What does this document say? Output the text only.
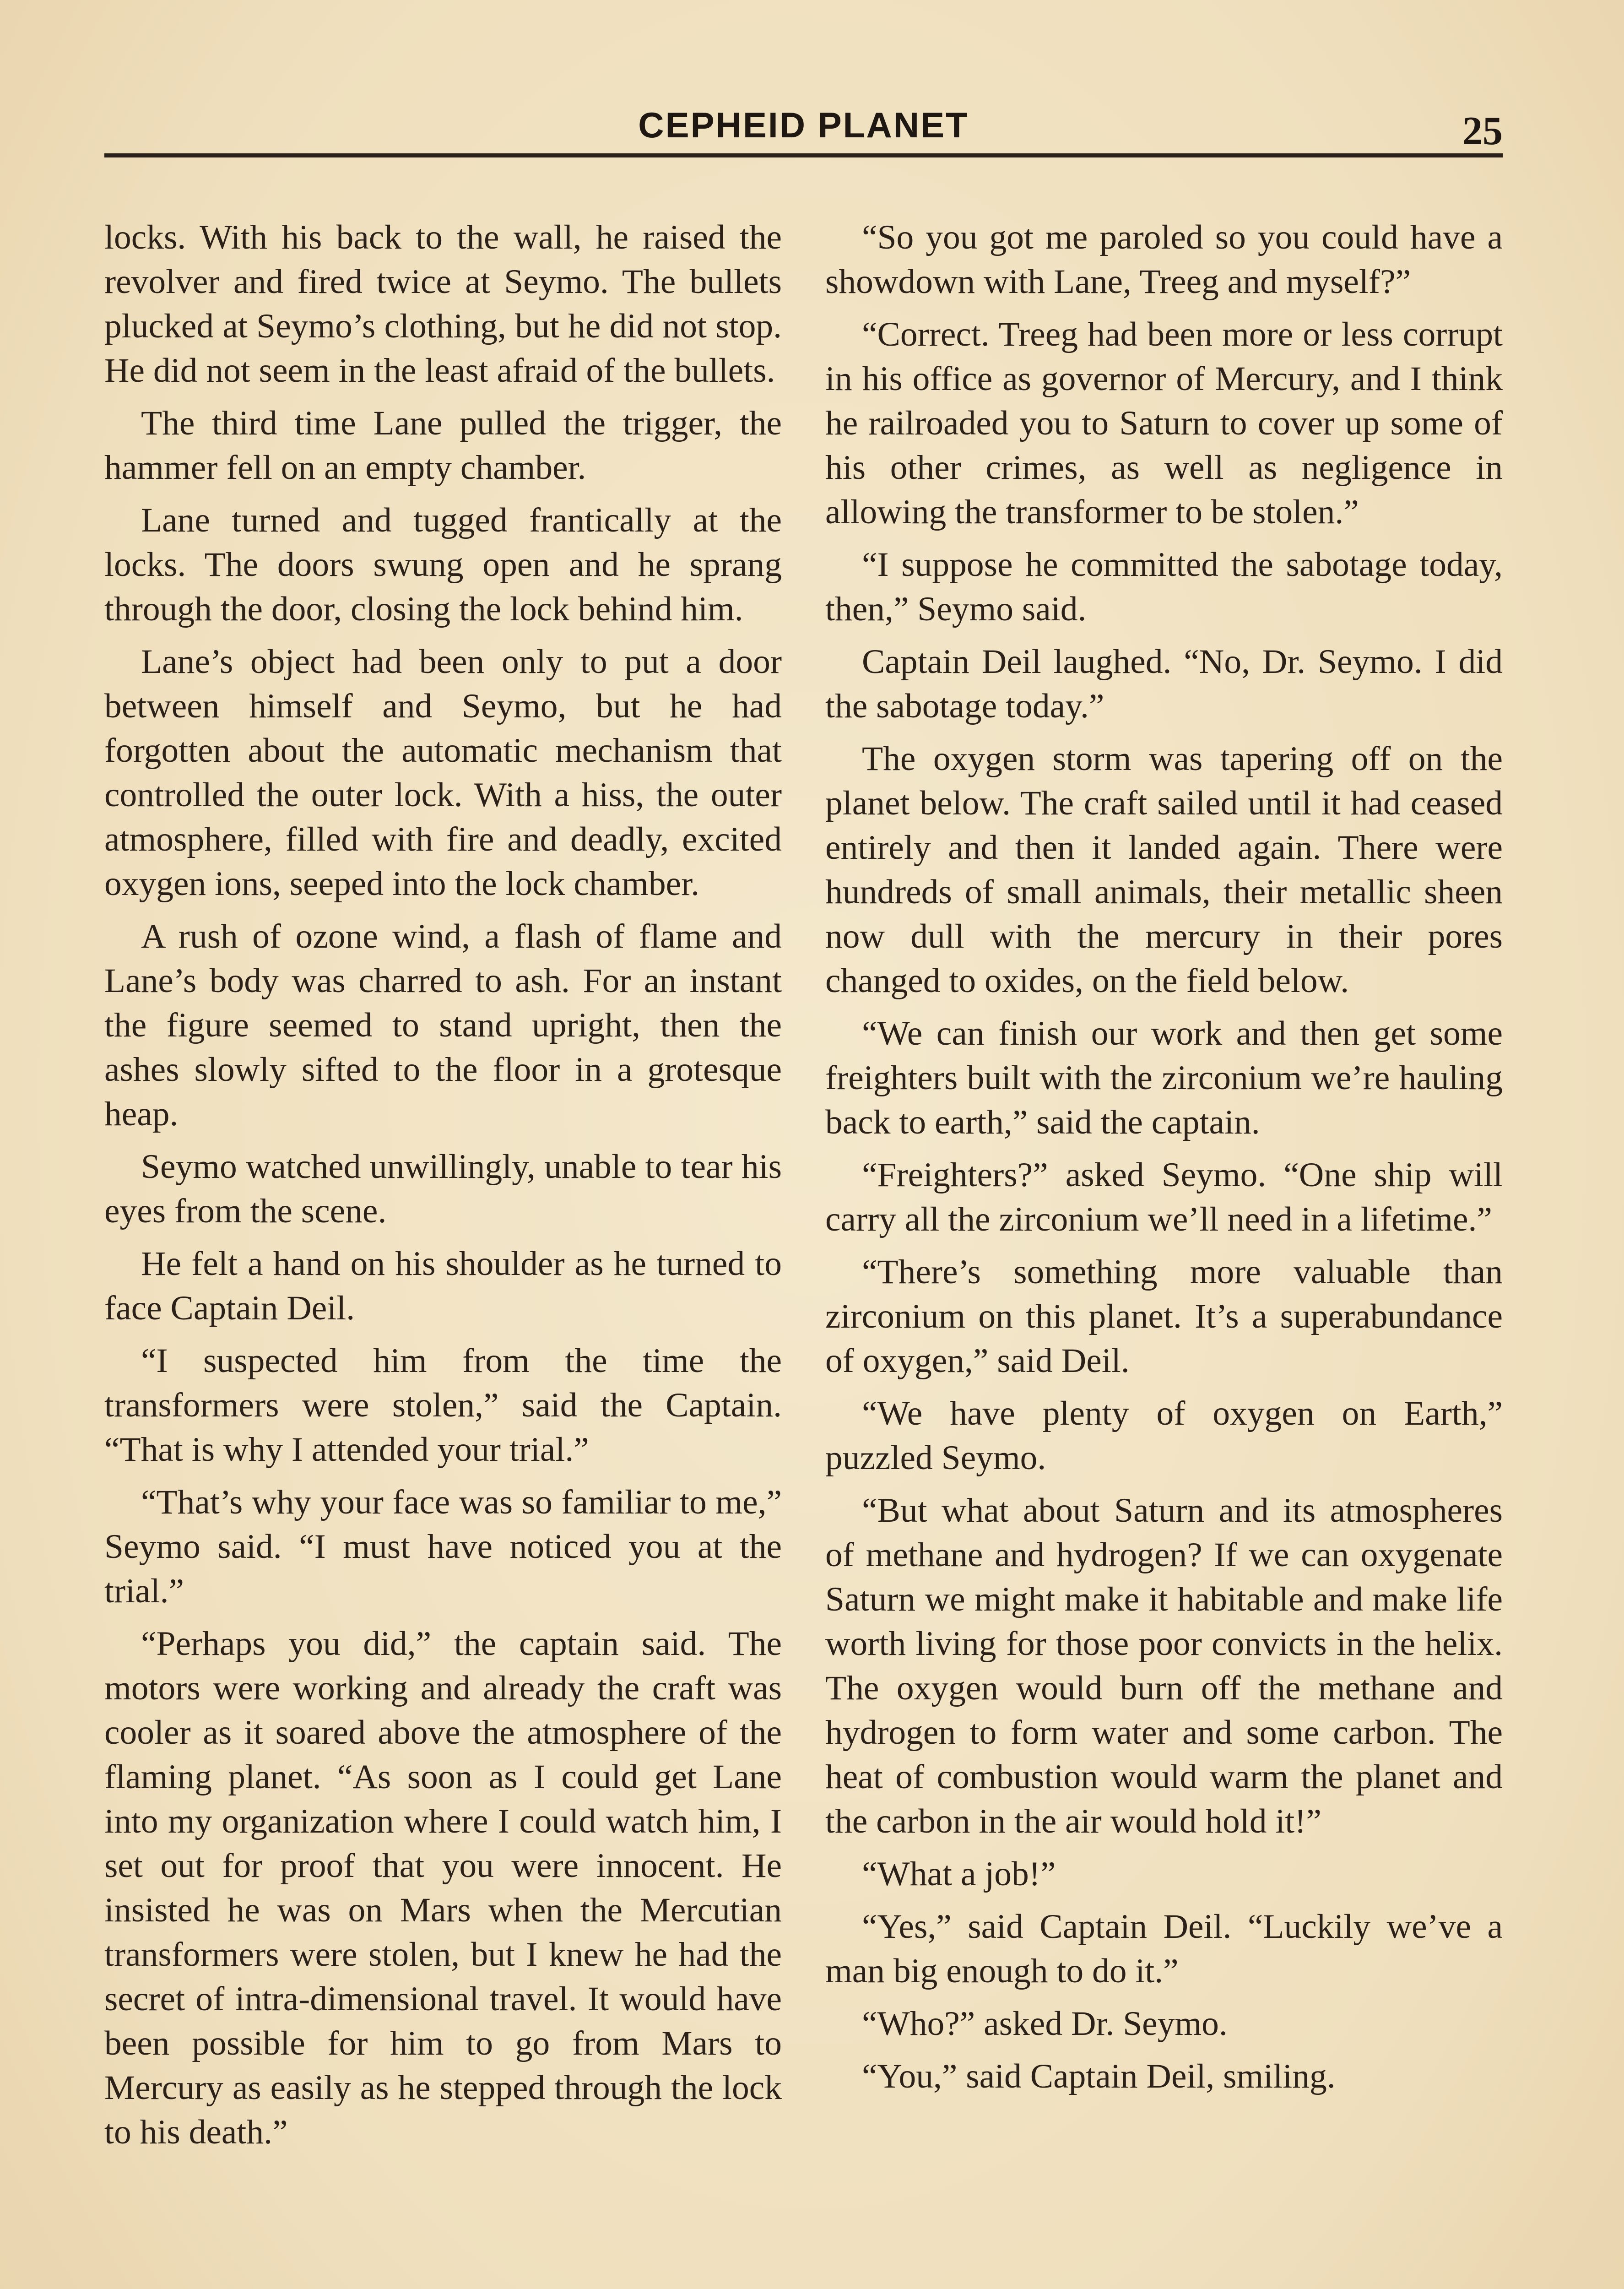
CEPHEID PLANET	25

locks. With his back to the wall, he raised the revolver and fired twice at Seymo. The bullets plucked at Seymo’s clothing, but he did not stop. He did not seem in the least afraid of the bullets.

The third time Lane pulled the trigger, the hammer fell on an empty chamber.

Lane turned and tugged frantically at the locks. The doors swung open and he sprang through the door, closing the lock behind him.

Lane’s object had been only to put a door between himself and Seymo, but he had forgotten about the automatic mechanism that controlled the outer lock. With a hiss, the outer atmosphere, filled with fire and deadly, excited oxygen ions, seeped into the lock chamber.

A rush of ozone wind, a flash of flame and Lane’s body was charred to ash. For an instant the figure seemed to stand upright, then the ashes slowly sifted to the floor in a grotesque heap.

Seymo watched unwillingly, unable to tear his eyes from the scene.

He felt a hand on his shoulder as he turned to face Captain Deil.

“I suspected him from the time the transformers were stolen,” said the Captain. “That is why I attended your trial.”

“That’s why your face was so familiar to me,” Seymo said. “I must have noticed you at the trial.”

“Perhaps you did,” the captain said. The motors were working and already the craft was cooler as it soared above the atmosphere of the flaming planet. “As soon as I could get Lane into my organization where I could watch him, I set out for proof that you were innocent. He insisted he was on Mars when the Mercutian transformers were stolen, but I knew he had the secret of intra-dimensional travel. It would have been possible for him to go from Mars to Mercury as easily as he stepped through the lock to his death.”

“So you got me paroled so you could have a showdown with Lane, Treeg and myself?”

“Correct. Treeg had been more or less corrupt in his office as governor of Mercury, and I think he railroaded you to Saturn to cover up some of his other crimes, as well as negligence in allowing the transformer to be stolen.”

“I suppose he committed the sabotage today, then,” Seymo said.

Captain Deil laughed. “No, Dr. Seymo. I did the sabotage today.”

The oxygen storm was tapering off on the planet below. The craft sailed until it had ceased entirely and then it landed again. There were hundreds of small animals, their metallic sheen now dull with the mercury in their pores changed to oxides, on the field below.

“We can finish our work and then get some freighters built with the zirconium we’re hauling back to earth,” said the captain.

“Freighters?” asked Seymo. “One ship will carry all the zirconium we’ll need in a lifetime.”

“There’s something more valuable than zirconium on this planet. It’s a superabundance of oxygen,” said Deil.

“We have plenty of oxygen on Earth,” puzzled Seymo.

“But what about Saturn and its atmospheres of methane and hydrogen? If we can oxygenate Saturn we might make it habitable and make life worth living for those poor convicts in the helix. The oxygen would burn off the methane and hydrogen to form water and some carbon. The heat of combustion would warm the planet and the carbon in the air would hold it!”

“What a job!”

“Yes,” said Captain Deil. “Luckily we’ve a man big enough to do it.”

“Who?” asked Dr. Seymo.

“You,” said Captain Deil, smiling.
